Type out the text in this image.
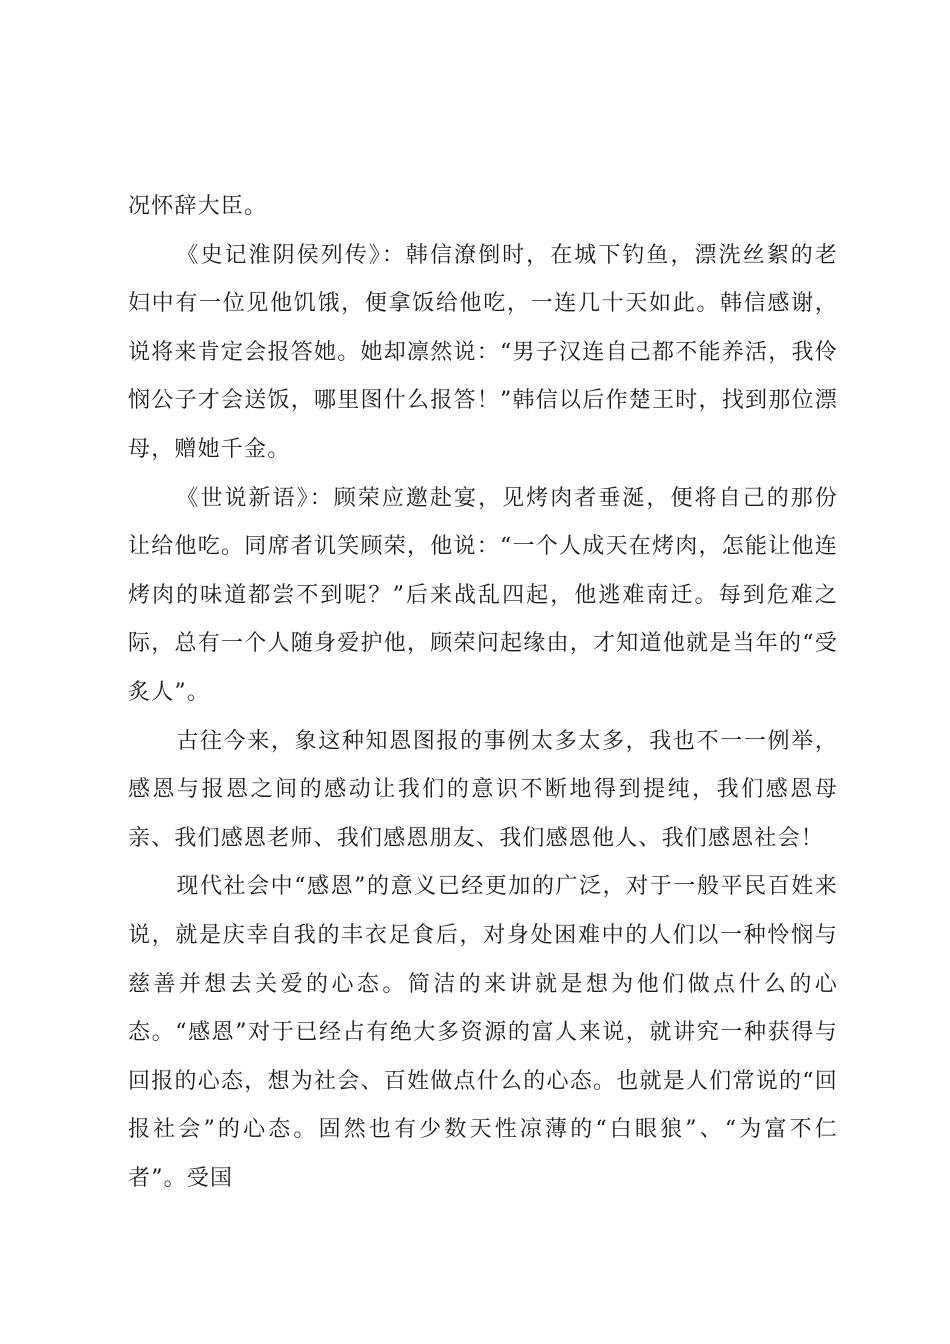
况怀辞大臣。

《史记淮阴侯列传》：韩信潦倒时，在城下钓鱼，漂洗丝絮的老妇中有一位见他饥饿，便拿饭给他吃，一连几十天如此。韩信感谢，说将来肯定会报答她。她却凛然说：“男子汉连自己都不能养活，我伶悯公子才会送饭，哪里图什么报答！”韩信以后作楚王时，找到那位漂母，赠她千金。

《世说新语》：顾荣应邀赴宴，见烤肉者垂涎，便将自己的那份让给他吃。同席者讥笑顾荣，他说：“一个人成天在烤肉，怎能让他连烤肉的味道都尝不到呢？”后来战乱四起，他逃难南迁。每到危难之际，总有一个人随身爱护他，顾荣问起缘由，才知道他就是当年的“受炙人”。

古往今来，象这种知恩图报的事例太多太多，我也不一一例举，感恩与报恩之间的感动让我们的意识不断地得到提纯，我们感恩母亲、我们感恩老师、我们感恩朋友、我们感恩他人、我们感恩社会！

现代社会中“感恩”的意义已经更加的广泛，对于一般平民百姓来说，就是庆幸自我的丰衣足食后，对身处困难中的人们以一种怜悯与慈善并想去关爱的心态。简洁的来讲就是想为他们做点什么的心态。“感恩”对于已经占有绝大多资源的富人来说，就讲究一种获得与回报的心态，想为社会、百姓做点什么的心态。也就是人们常说的“回报社会”的心态。固然也有少数天性凉薄的“白眼狼”、“为富不仁者”。受国
